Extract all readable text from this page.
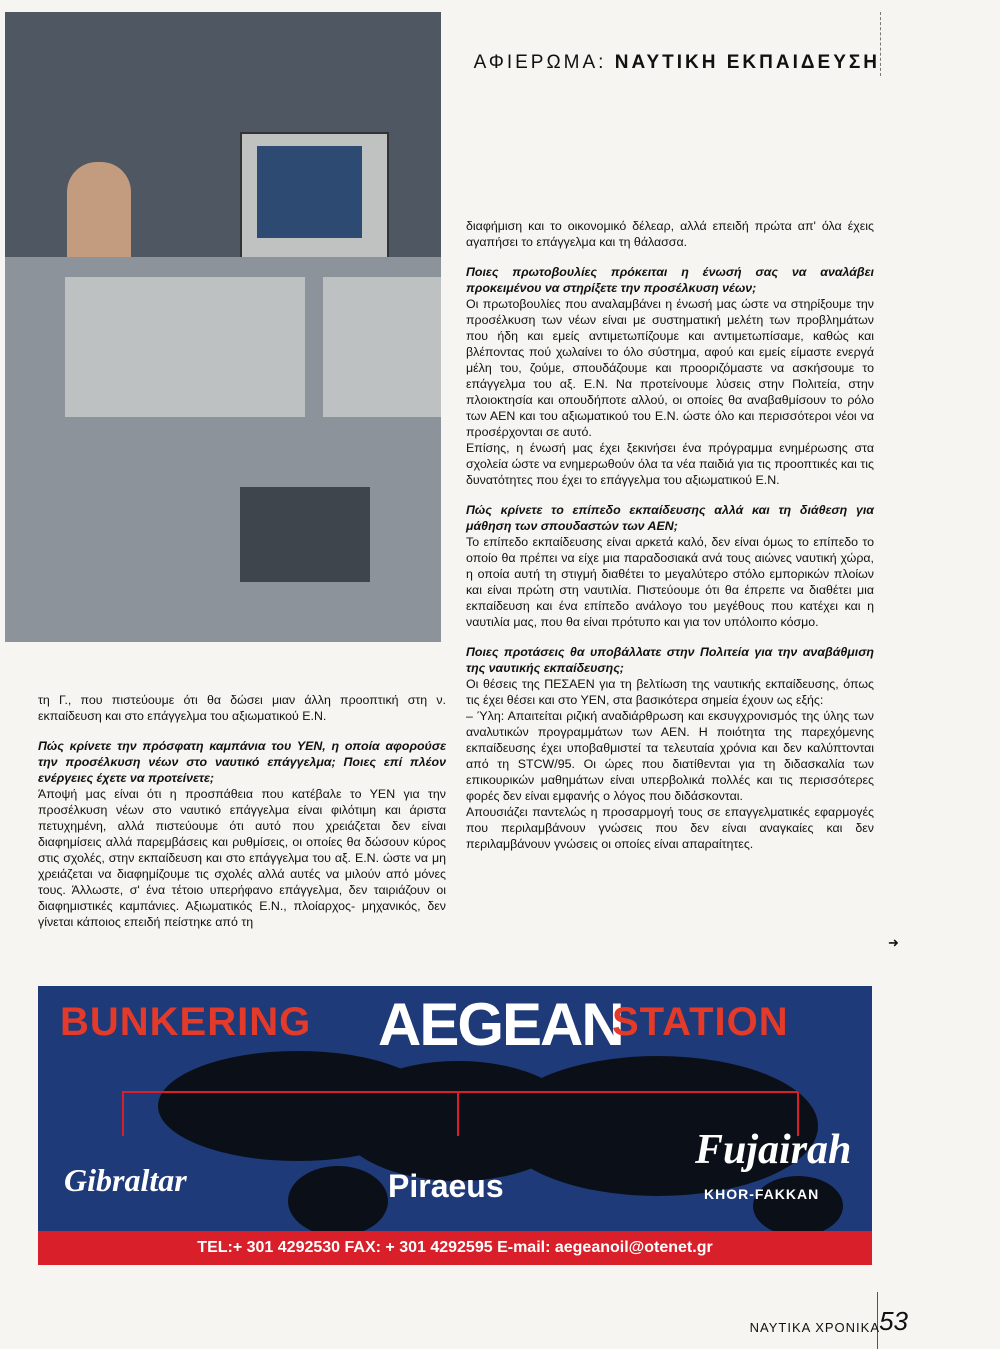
ΑΦΙΕΡΩΜΑ: ΝΑΥΤΙΚΗ ΕΚΠΑΙΔΕΥΣΗ

διαφήμιση και το οικονομικό δέλεαρ, αλλά επειδή πρώτα απ' όλα έχεις αγαπήσει το επάγγελμα και τη θάλασσα.

Ποιες πρωτοβουλίες πρόκειται η ένωσή σας να αναλάβει προκειμένου να στηρίξετε την προσέλκυση νέων;

Οι πρωτοβουλίες που αναλαμβάνει η ένωσή μας ώστε να στηρίξουμε την προσέλκυση των νέων είναι με συστηματική μελέτη των προβλημάτων που ήδη και εμείς αντιμετωπίζουμε και αντιμετωπίσαμε, καθώς και βλέποντας πού χωλαίνει το όλο σύστημα, αφού και εμείς είμαστε ενεργά μέλη του, ζούμε, σπουδάζουμε και προοριζόμαστε να ασκήσουμε το επάγγελμα του αξ. Ε.Ν. Να προτείνουμε λύσεις στην Πολιτεία, στην πλοιοκτησία και οπουδήποτε αλλού, οι οποίες θα αναβαθμίσουν το ρόλο των ΑΕΝ και του αξιωματικού του Ε.Ν. ώστε όλο και περισσότεροι νέοι να προσέρχονται σε αυτό.

Επίσης, η ένωσή μας έχει ξεκινήσει ένα πρόγραμμα ενημέρωσης στα σχολεία ώστε να ενημερωθούν όλα τα νέα παιδιά για τις προοπτικές και τις δυνατότητες που έχει το επάγγελμα του αξιωματικού Ε.Ν.

Πώς κρίνετε το επίπεδο εκπαίδευσης αλλά και τη διάθεση για μάθηση των σπουδαστών των ΑΕΝ;

Το επίπεδο εκπαίδευσης είναι αρκετά καλό, δεν είναι όμως το επίπεδο το οποίο θα πρέπει να είχε μια παραδοσιακά ανά τους αιώνες ναυτική χώρα, η οποία αυτή τη στιγμή διαθέτει το μεγαλύτερο στόλο εμπορικών πλοίων και είναι πρώτη στη ναυτιλία. Πιστεύουμε ότι θα έπρεπε να διαθέτει μια εκπαίδευση και ένα επίπεδο ανάλογο του μεγέθους που κατέχει και η ναυτιλία μας, που θα είναι πρότυπο και για τον υπόλοιπο κόσμο.

Ποιες προτάσεις θα υποβάλλατε στην Πολιτεία για την αναβάθμιση της ναυτικής εκπαίδευσης;

Οι θέσεις της ΠΕΣΑΕΝ για τη βελτίωση της ναυτικής εκπαίδευσης, όπως τις έχει θέσει και στο ΥΕΝ, στα βασικότερα σημεία έχουν ως εξής:

– Ύλη: Απαιτείται ριζική αναδιάρθρωση και εκσυγχρονισμός της ύλης των αναλυτικών προγραμμάτων των ΑΕΝ. Η ποιότητα της παρεχόμενης εκπαίδευσης έχει υποβαθμιστεί τα τελευταία χρόνια και δεν καλύπτονται από τη STCW/95. Οι ώρες που διατίθενται για τη διδασκαλία των επικουρικών μαθημάτων είναι υπερβολικά πολλές και τις περισσότερες φορές δεν είναι εμφανής ο λόγος που διδάσκονται.

Απουσιάζει παντελώς η προσαρμογή τους σε επαγγελματικές εφαρμογές που περιλαμβάνουν γνώσεις που δεν είναι αναγκαίες και δεν περιλαμβάνουν γνώσεις οι οποίες είναι απαραίτητες.

τη Γ., που πιστεύουμε ότι θα δώσει μιαν άλλη προοπτική στη ν. εκπαίδευση και στο επάγγελμα του αξιωματικού Ε.Ν.

Πώς κρίνετε την πρόσφατη καμπάνια του ΥΕΝ, η οποία αφορούσε την προσέλκυση νέων στο ναυτικό επάγγελμα; Ποιες επί πλέον ενέργειες έχετε να προτείνετε;

Άποψή μας είναι ότι η προσπάθεια που κατέβαλε το ΥΕΝ για την προσέλκυση νέων στο ναυτικό επάγγελμα είναι φιλότιμη και άριστα πετυχημένη, αλλά πιστεύουμε ότι αυτό που χρειάζεται δεν είναι διαφημίσεις αλλά παρεμβάσεις και ρυθμίσεις, οι οποίες θα δώσουν κύρος στις σχολές, στην εκπαίδευση και στο επάγγελμα του αξ. Ε.Ν. ώστε να μη χρειάζεται να διαφημίζουμε τις σχολές αλλά αυτές να μιλούν από μόνες τους. Άλλωστε, σ' ένα τέτοιο υπερήφανο επάγγελμα, δεν ταιριάζουν οι διαφημιστικές καμπάνιες. Αξιωματικός Ε.Ν., πλοίαρχος- μηχανικός, δεν γίνεται κάποιος επειδή πείστηκε από τη

➜
BUNKERING AEGEAN
STATION
Gibraltar	Piraeus
Fujairah
KHOR-FAKKAN
TEL:+ 301 4292530 FAX: + 301 4292595 E-mail: aegeanoil@otenet.gr
ΝΑΥΤΙΚΑ ΧΡΟΝΙΚΑ 53
